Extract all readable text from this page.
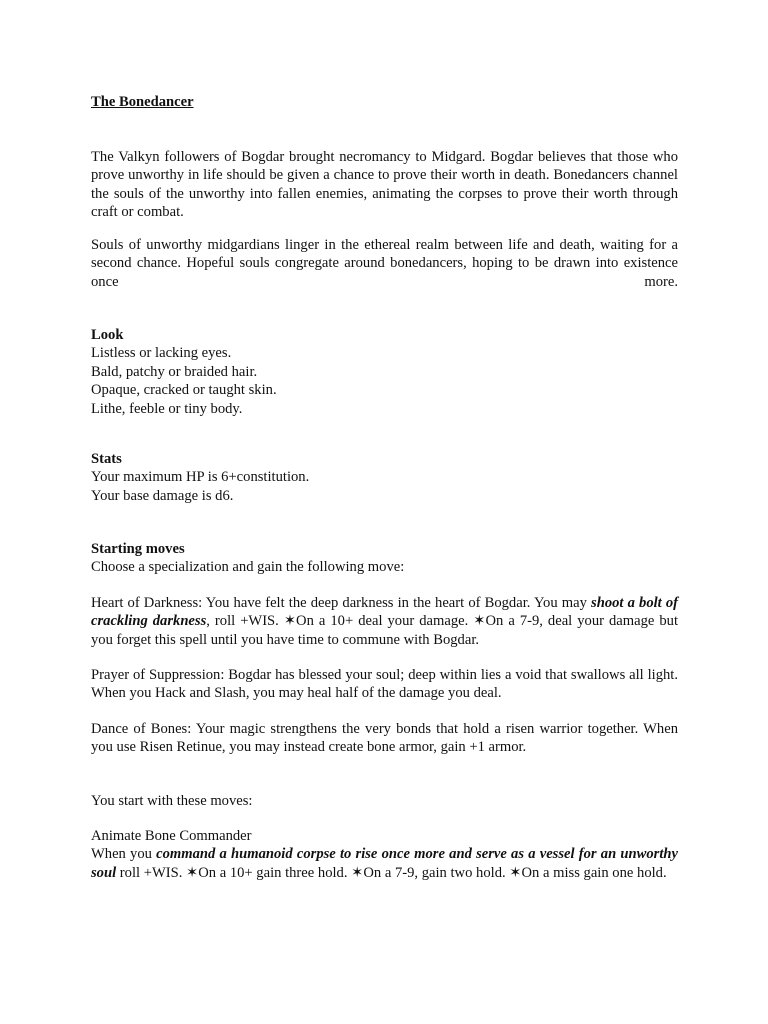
The Bonedancer

The Valkyn followers of Bogdar brought necromancy to Midgard. Bogdar believes that those who prove unworthy in life should be given a chance to prove their worth in death. Bonedancers channel the souls of the unworthy into fallen enemies, animating the corpses to prove their worth through craft or combat.

Souls of unworthy midgardians linger in the ethereal realm between life and death, waiting for a second chance. Hopeful souls congregate around bonedancers, hoping to be drawn into existence
once	more.
Look
Listless or lacking eyes.
Bald, patchy or braided hair.
Opaque, cracked or taught skin.
Lithe, feeble or tiny body.
Stats
Your maximum HP is 6+constitution.
Your base damage is d6.
Starting moves
Choose a specialization and gain the following move:

Heart of Darkness: You have felt the deep darkness in the heart of Bogdar. You may shoot a bolt of crackling darkness, roll +WIS. ✶On a 10+ deal your damage. ✶On a 7-9, deal your damage but you forget this spell until you have time to commune with Bogdar.

Prayer of Suppression: Bogdar has blessed your soul; deep within lies a void that swallows all light. When you Hack and Slash, you may heal half of the damage you deal.

Dance of Bones: Your magic strengthens the very bonds that hold a risen warrior together. When you use Risen Retinue, you may instead create bone armor, gain +1 armor.

You start with these moves:

Animate Bone Commander
When you command a humanoid corpse to rise once more and serve as a vessel for an unworthy soul roll +WIS. ✶On a 10+ gain three hold. ✶On a 7-9, gain two hold. ✶On a miss gain one hold.
